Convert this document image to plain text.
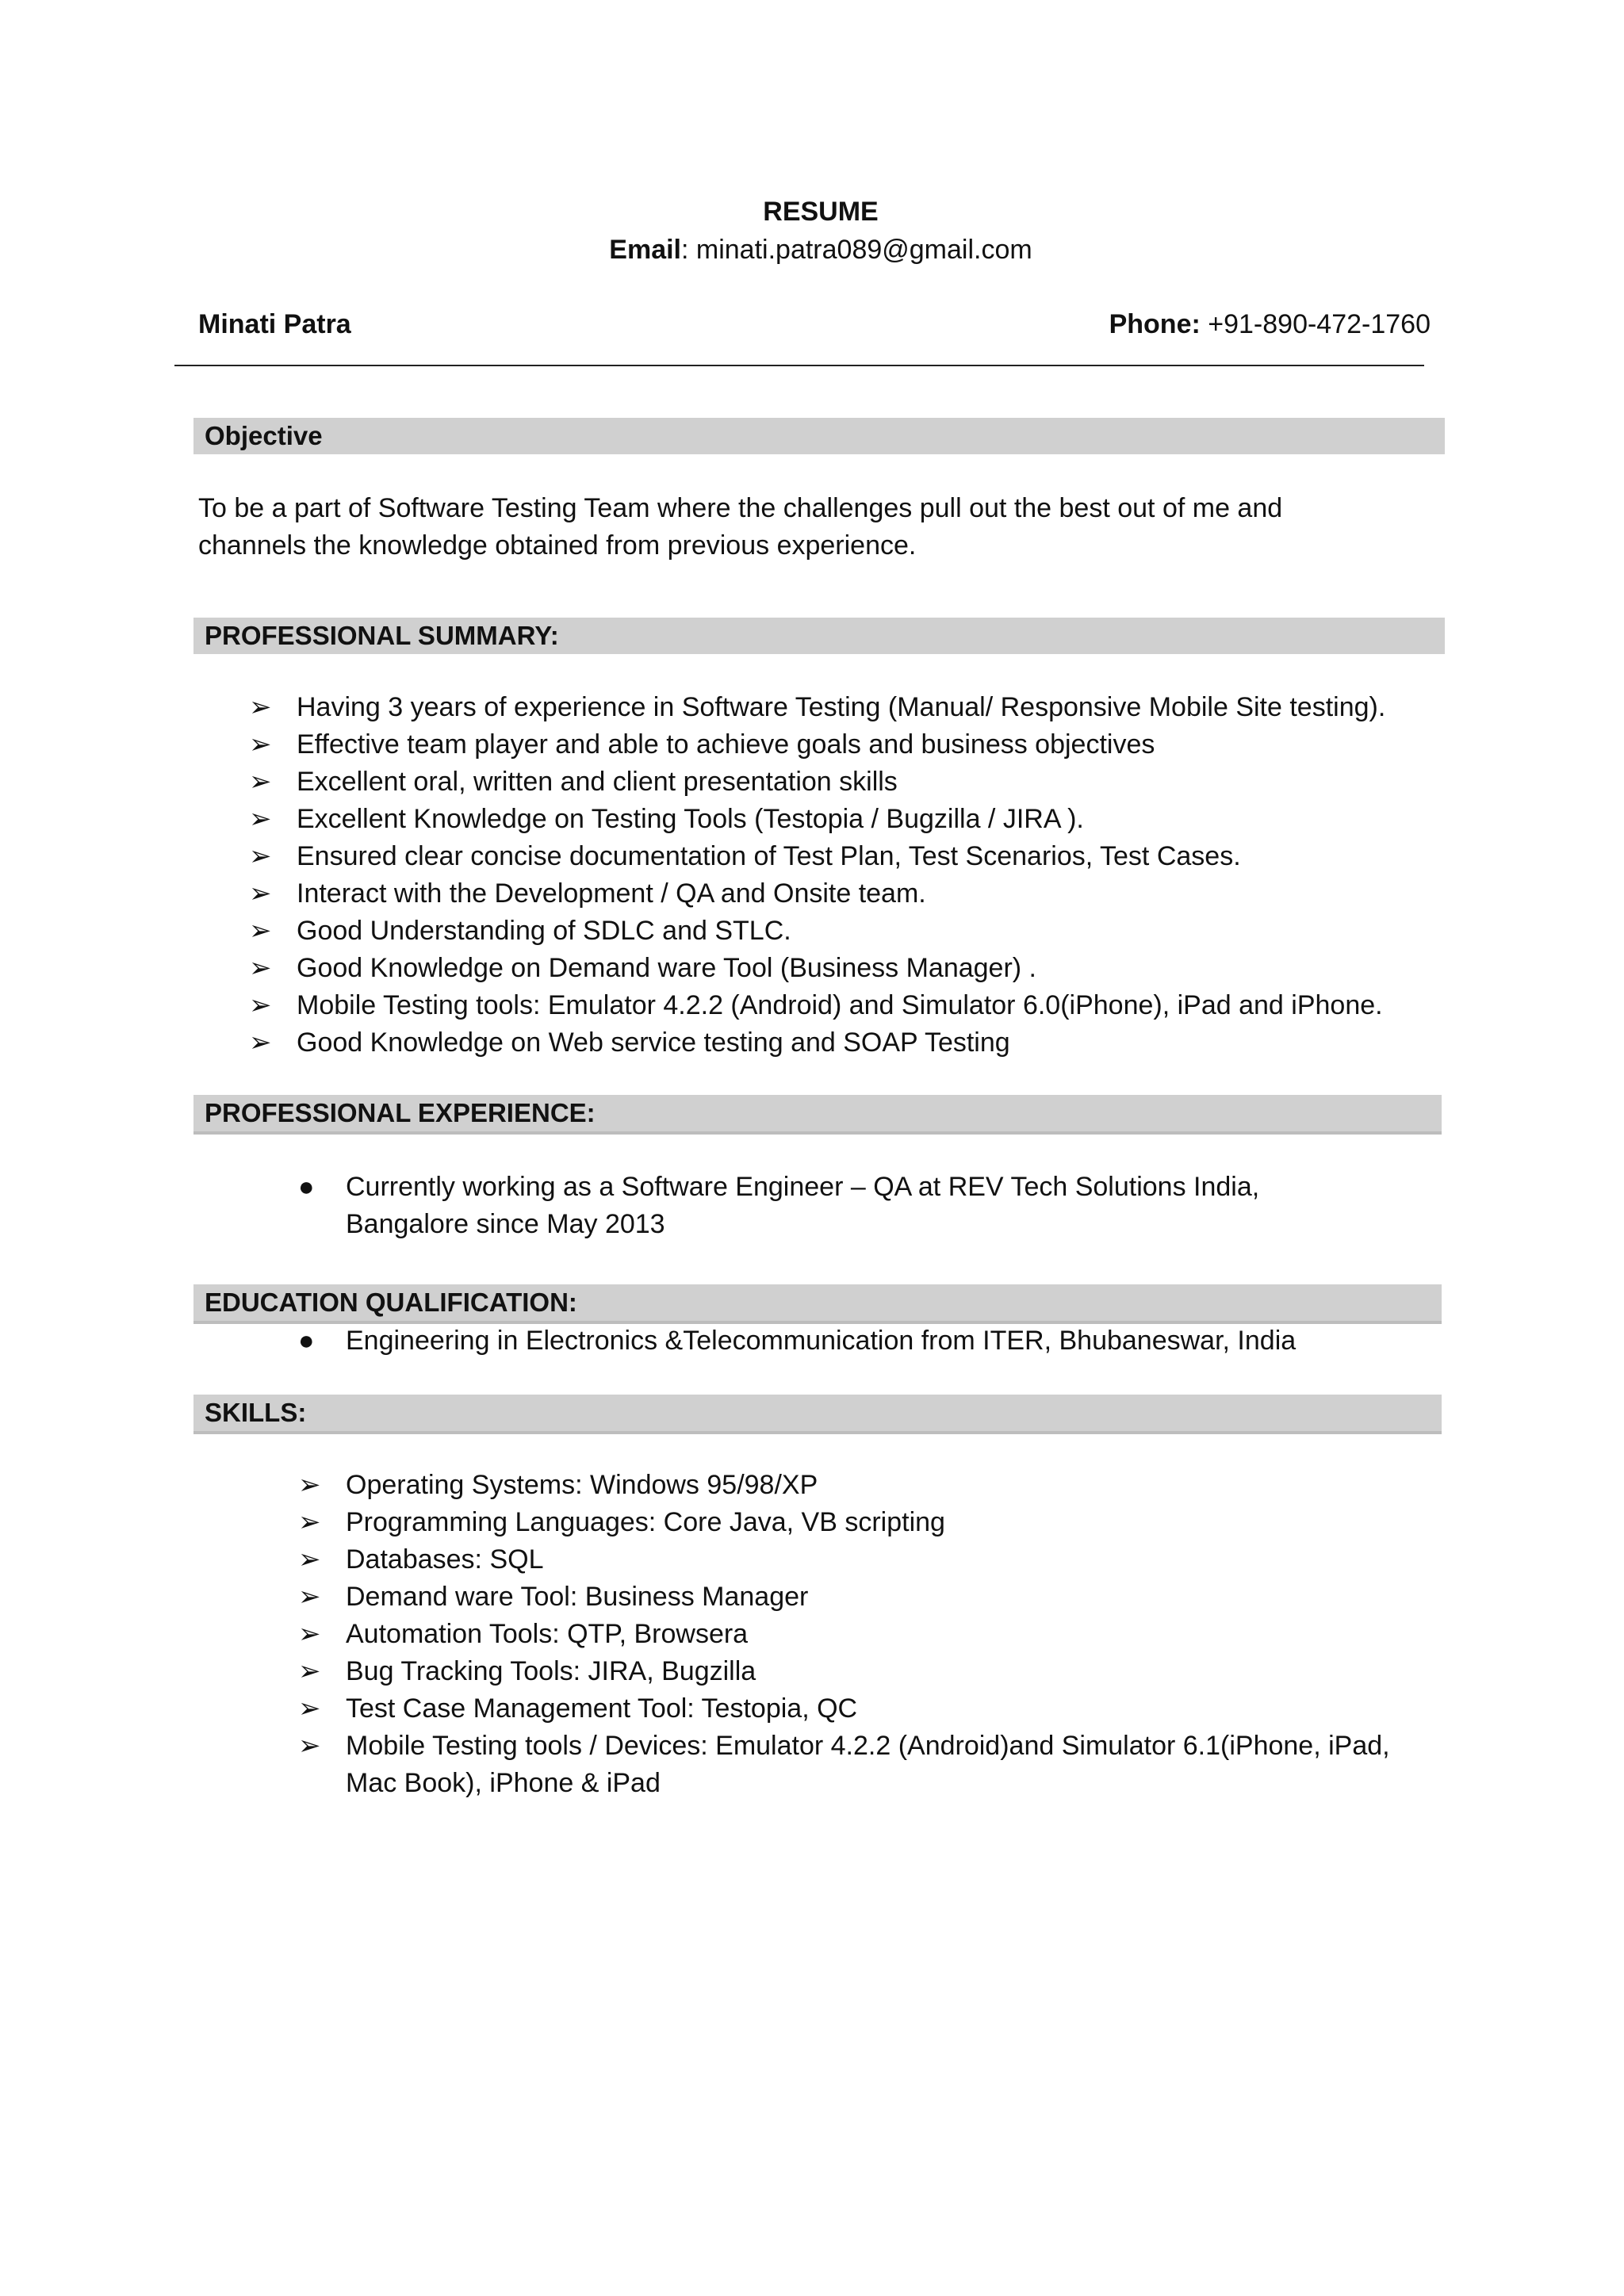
RESUME
Email: minati.patra089@gmail.com
Minati Patra	Phone: +91-890-472-1760
Objective
To be a part of Software Testing Team where the challenges pull out the best out of me and
channels the knowledge obtained from previous experience.
PROFESSIONAL SUMMARY:
➢ Having 3 years of experience in Software Testing (Manual/ Responsive Mobile Site testing).
➢ Effective team player and able to achieve goals and business objectives
➢ Excellent oral, written and client presentation skills
➢ Excellent Knowledge on Testing Tools (Testopia / Bugzilla / JIRA ).
➢ Ensured clear concise documentation of Test Plan, Test Scenarios, Test Cases.
➢ Interact with the Development / QA and Onsite team.
➢ Good Understanding of SDLC and STLC.
➢ Good Knowledge on Demand ware Tool (Business Manager) .
➢ Mobile Testing tools: Emulator 4.2.2 (Android) and Simulator 6.0(iPhone), iPad and iPhone.
➢ Good Knowledge on Web service testing and SOAP Testing
PROFESSIONAL EXPERIENCE:
● Currently working as a Software Engineer – QA at REV Tech Solutions India,
Bangalore since May 2013
EDUCATION QUALIFICATION:
● Engineering in Electronics &Telecommunication from ITER, Bhubaneswar, India
SKILLS:
➢ Operating Systems: Windows 95/98/XP
➢ Programming Languages: Core Java, VB scripting
➢ Databases: SQL
➢ Demand ware Tool: Business Manager
➢ Automation Tools: QTP, Browsera
➢ Bug Tracking Tools: JIRA, Bugzilla
➢ Test Case Management Tool: Testopia, QC
➢ Mobile Testing tools / Devices: Emulator 4.2.2 (Android)and Simulator 6.1(iPhone, iPad,
Mac Book), iPhone & iPad
